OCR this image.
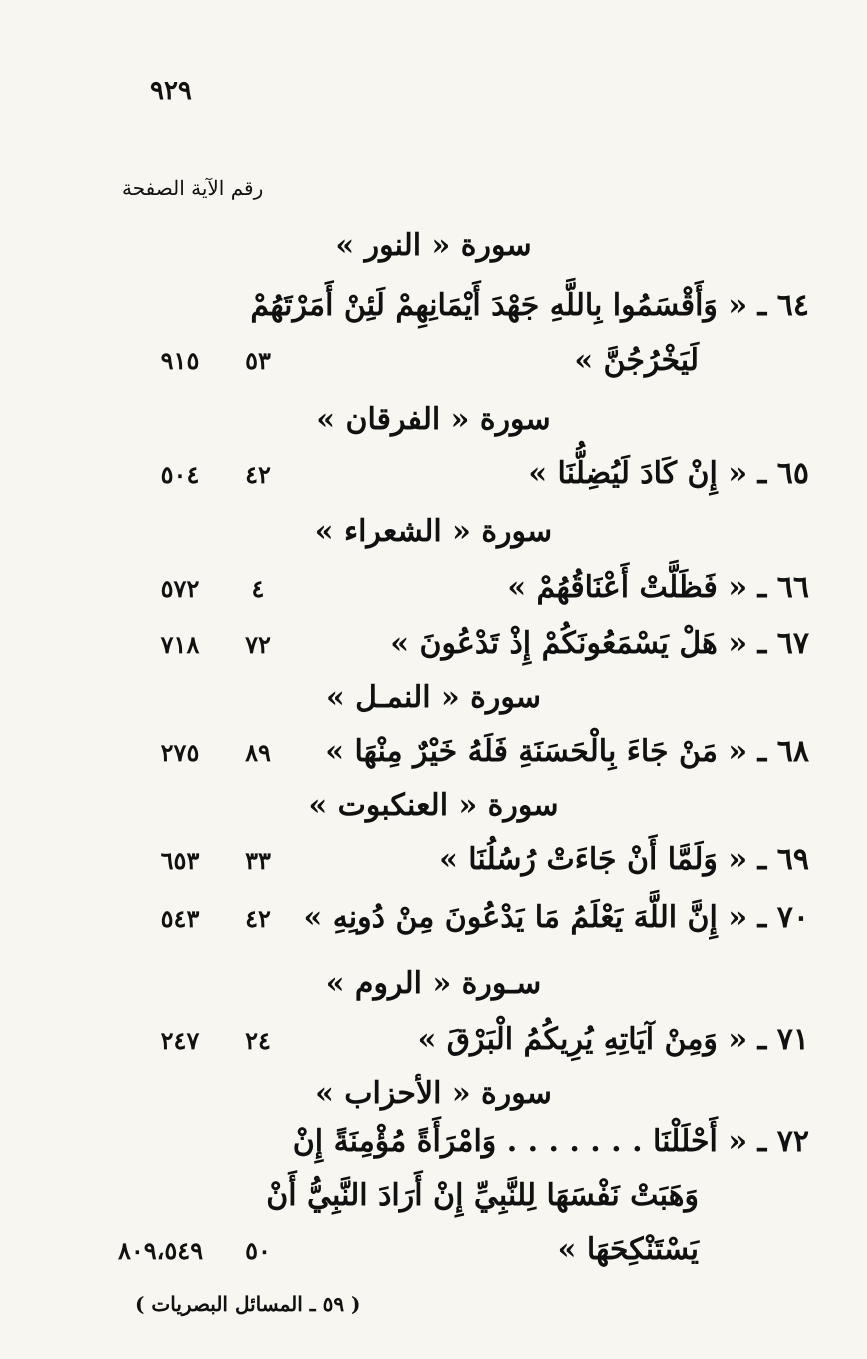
٩٢٩
رقم الآية الصفحة
سورة « النور »
٦٤ ـ « وَأَقْسَمُوا بِاللَّهِ جَهْدَ أَيْمَانِهِمْ لَئِنْ أَمَرْتَهُمْ
لَيَخْرُجُنَّ »
٥٣
٩١٥
سورة « الفرقان »
٦٥ ـ « إِنْ كَادَ لَيُضِلُّنَا »
٤٢
٥٠٤
سورة « الشعراء »
٦٦ ـ « فَظَلَّتْ أَعْنَاقُهُمْ »
٤
٥٧٢
٦٧ ـ « هَلْ يَسْمَعُونَكُمْ إِذْ تَدْعُونَ »
٧٢
٧١٨
سورة « النمـل »
٦٨ ـ « مَنْ جَاءَ بِالْحَسَنَةِ فَلَهُ خَيْرٌ مِنْهَا »
٨٩
٢٧٥
سورة « العنكبوت »
٦٩ ـ « وَلَمَّا أَنْ جَاءَتْ رُسُلُنَا »
٣٣
٦٥٣
٧٠ ـ « إِنَّ اللَّهَ يَعْلَمُ مَا يَدْعُونَ مِنْ دُونِهِ »
٤٢
٥٤٣
سـورة « الروم »
٧١ ـ « وَمِنْ آيَاتِهِ يُرِيكُمُ الْبَرْقَ »
٢٤
٢٤٧
سورة « الأحزاب »
٧٢ ـ « أَحْلَلْنَا . . . . . . . وَامْرَأَةً مُؤْمِنَةً إِنْ
وَهَبَتْ نَفْسَهَا لِلنَّبِيِّ إِنْ أَرَادَ النَّبِيُّ أَنْ
يَسْتَنْكِحَهَا »
٥٠
٨٠٩،٥٤٩
( ٥٩ ـ المسائل البصريات )
